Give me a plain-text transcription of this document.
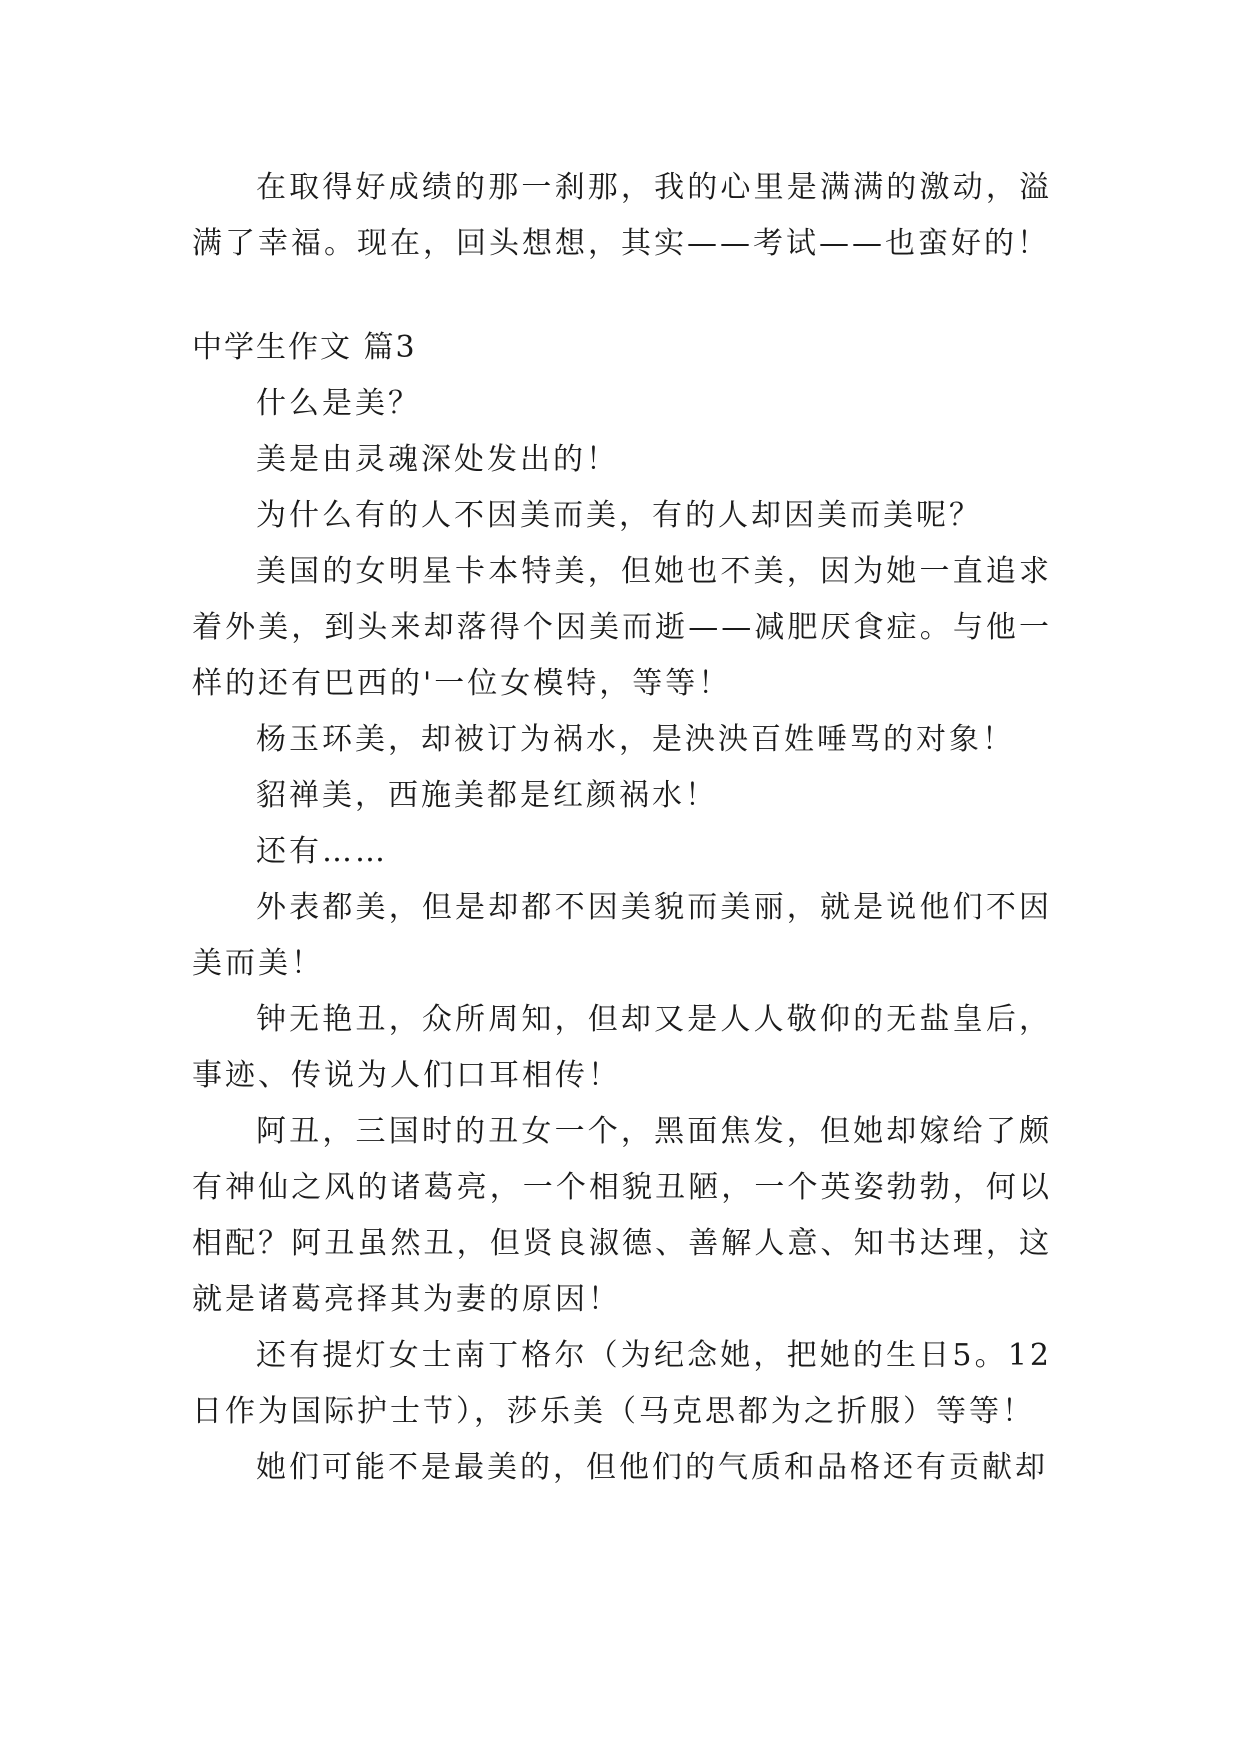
在取得好成绩的那一刹那，我的心里是满满的激动，溢满了幸福。现在，回头想想，其实——考试——也蛮好的！

中学生作文 篇3

什么是美？

美是由灵魂深处发出的！

为什么有的人不因美而美，有的人却因美而美呢？

美国的女明星卡本特美，但她也不美，因为她一直追求着外美，到头来却落得个因美而逝——减肥厌食症。与他一样的还有巴西的'一位女模特，等等！

杨玉环美，却被订为祸水，是泱泱百姓唾骂的对象！

貂禅美，西施美都是红颜祸水！

还有……

外表都美，但是却都不因美貌而美丽，就是说他们不因美而美！

钟无艳丑，众所周知，但却又是人人敬仰的无盐皇后，事迹、传说为人们口耳相传！

阿丑，三国时的丑女一个，黑面焦发，但她却嫁给了颇有神仙之风的诸葛亮，一个相貌丑陋，一个英姿勃勃，何以相配？阿丑虽然丑，但贤良淑德、善解人意、知书达理，这就是诸葛亮择其为妻的原因！

还有提灯女士南丁格尔（为纪念她，把她的生日5。12日作为国际护士节），莎乐美（马克思都为之折服）等等！

她们可能不是最美的，但他们的气质和品格还有贡献却
